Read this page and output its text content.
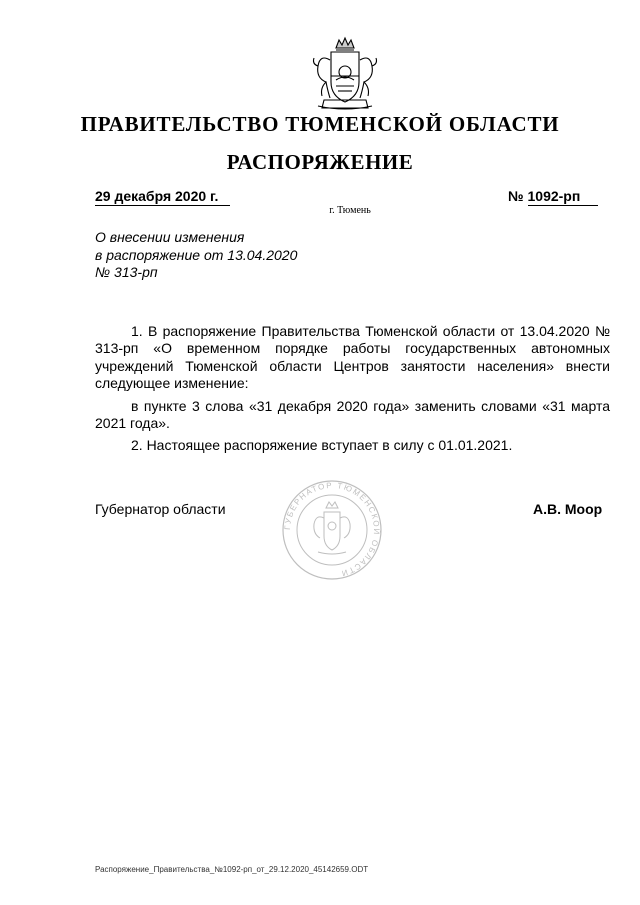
ПРАВИТЕЛЬСТВО ТЮМЕНСКОЙ ОБЛАСТИ
РАСПОРЯЖЕНИЕ
29 декабря 2020 г.	№ 1092-рп
г. Тюмень
О внесении изменения
в распоряжение от 13.04.2020
№ 313-рп

1. В распоряжение Правительства Тюменской области от 13.04.2020 № 313-рп «О временном порядке работы государственных автономных учреждений Тюменской области Центров занятости населения» внести следующее изменение:

в пункте 3 слова «31 декабря 2020 года» заменить словами «31 марта 2021 года».

2. Настоящее распоряжение вступает в силу с 01.01.2021.

Губернатор области
ГУБЕРНАТОР ТЮМЕНСКОЙ ОБЛАСТИ
А.В. Моор
Распоряжение_Правительства_№1092-рп_от_29.12.2020_45142659.ODT
